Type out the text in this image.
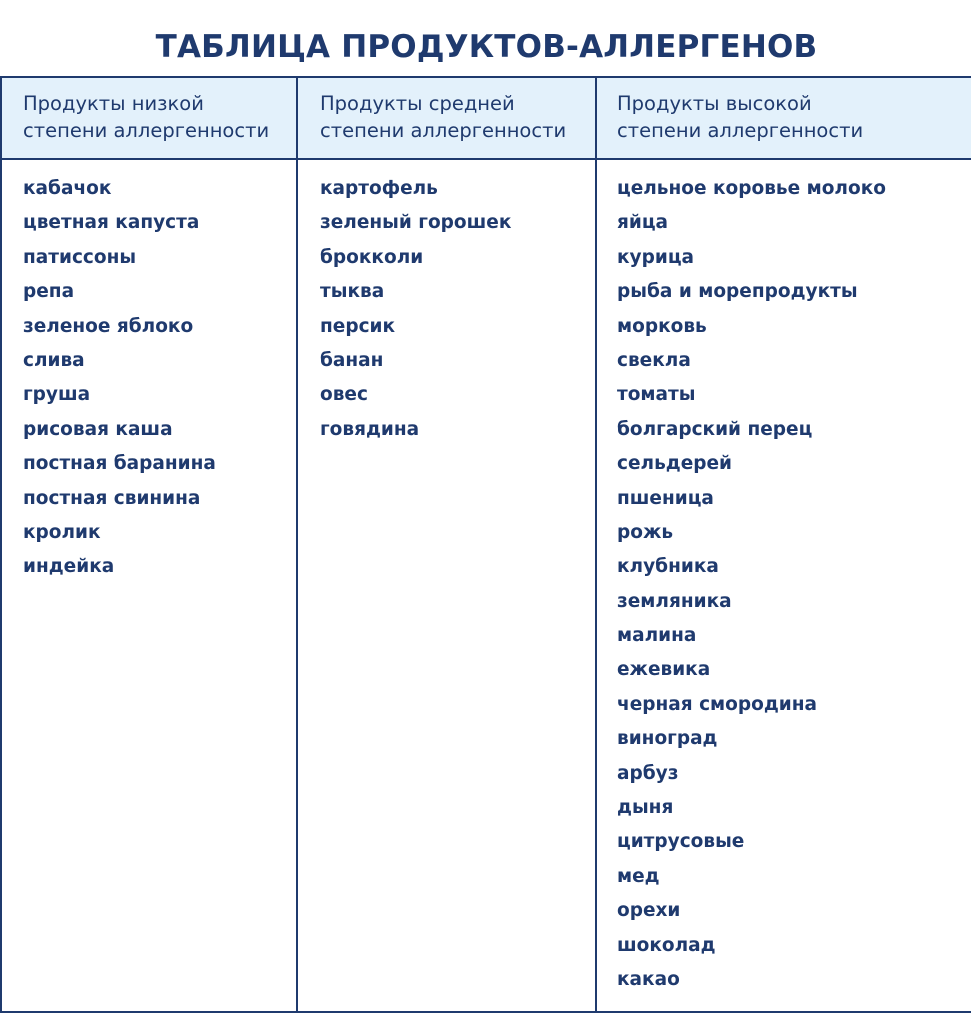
ТАБЛИЦА ПРОДУКТОВ-АЛЛЕРГЕНОВ
Продукты низкой
степени аллергенности
кабачок
цветная капуста
патиссоны
репа
зеленое яблоко
слива
груша
рисовая каша
постная баранина
постная свинина
кролик
индейка
Продукты средней
степени аллергенности
картофель
зеленый горошек
брокколи
тыква
персик
банан
овес
говядина
Продукты высокой
степени аллергенности
цельное коровье молоко
яйца
курица
рыба и морепродукты
морковь
свекла
томаты
болгарский перец
сельдерей
пшеница
рожь
клубника
земляника
малина
ежевика
черная смородина
виноград
арбуз
дыня
цитрусовые
мед
орехи
шоколад
какао
